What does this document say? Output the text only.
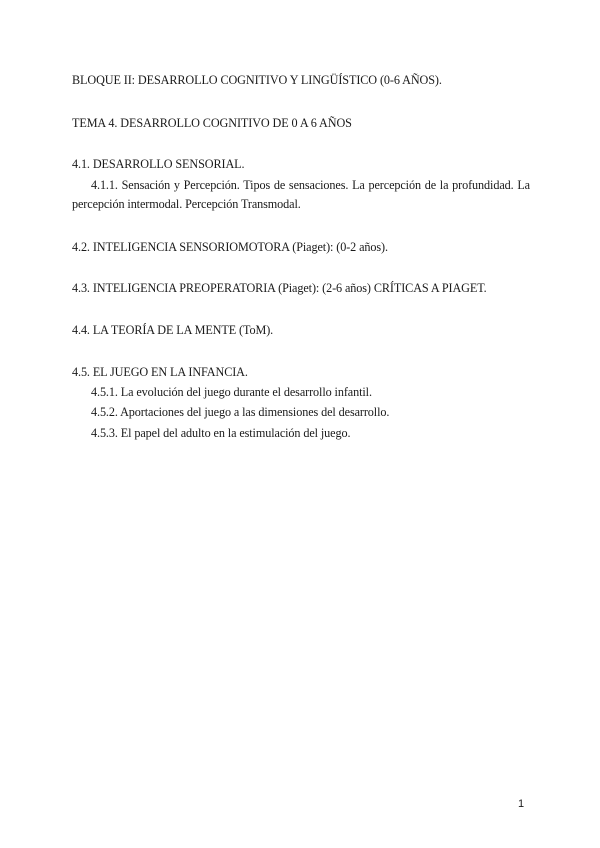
BLOQUE II: DESARROLLO COGNITIVO Y LINGÜÍSTICO (0-6 AÑOS).
TEMA 4. DESARROLLO COGNITIVO DE 0 A 6 AÑOS
4.1. DESARROLLO SENSORIAL.
4.1.1. Sensación y Percepción. Tipos de sensaciones. La percepción de la profundidad. La percepción intermodal. Percepción Transmodal.
4.2. INTELIGENCIA SENSORIOMOTORA (Piaget): (0-2 años).
4.3. INTELIGENCIA PREOPERATORIA (Piaget): (2-6 años) CRÍTICAS A PIAGET.
4.4. LA TEORÍA DE LA MENTE (ToM).
4.5. EL JUEGO EN LA INFANCIA.
4.5.1. La evolución del juego durante el desarrollo infantil.
4.5.2. Aportaciones del juego a las dimensiones del desarrollo.
4.5.3. El papel del adulto en la estimulación del juego.
1
